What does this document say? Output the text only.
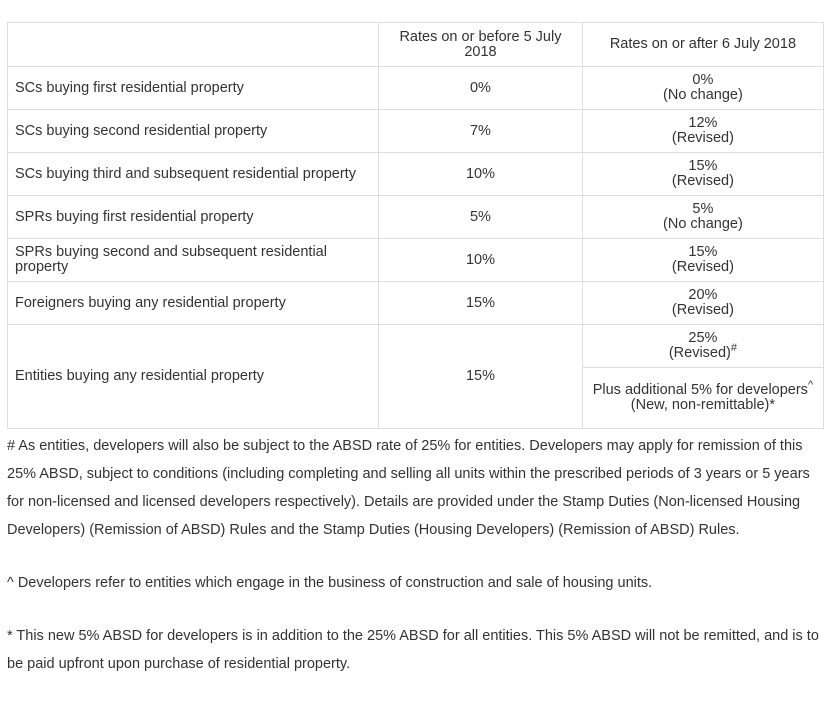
	Rates on or before 5 July 2018	Rates on or after 6 July 2018
SCs buying first residential property	0%	0%
(No change)

SCs buying second residential property	7%	12%
(Revised)

SCs buying third and subsequent residential property	10%	15%
(Revised)

SPRs buying first residential property	5%	5%
(No change)

SPRs buying second and subsequent residential property	10%	15%
(Revised)

Foreigners buying any residential property	15%	20%
(Revised)

Entities buying any residential property	15%	25%
(Revised)#

		Plus additional 5% for developers^
(New, non-remittable)*

# As entities, developers will also be subject to the ABSD rate of 25% for entities. Developers may apply for remission of this 25% ABSD, subject to conditions (including completing and selling all units within the prescribed periods of 3 years or 5 years for non-licensed and licensed developers respectively). Details are provided under the Stamp Duties (Non-licensed Housing Developers) (Remission of ABSD) Rules and the Stamp Duties (Housing Developers) (Remission of ABSD) Rules.

^ Developers refer to entities which engage in the business of construction and sale of housing units.

* This new 5% ABSD for developers is in addition to the 25% ABSD for all entities. This 5% ABSD will not be remitted, and is to be paid upfront upon purchase of residential property.
